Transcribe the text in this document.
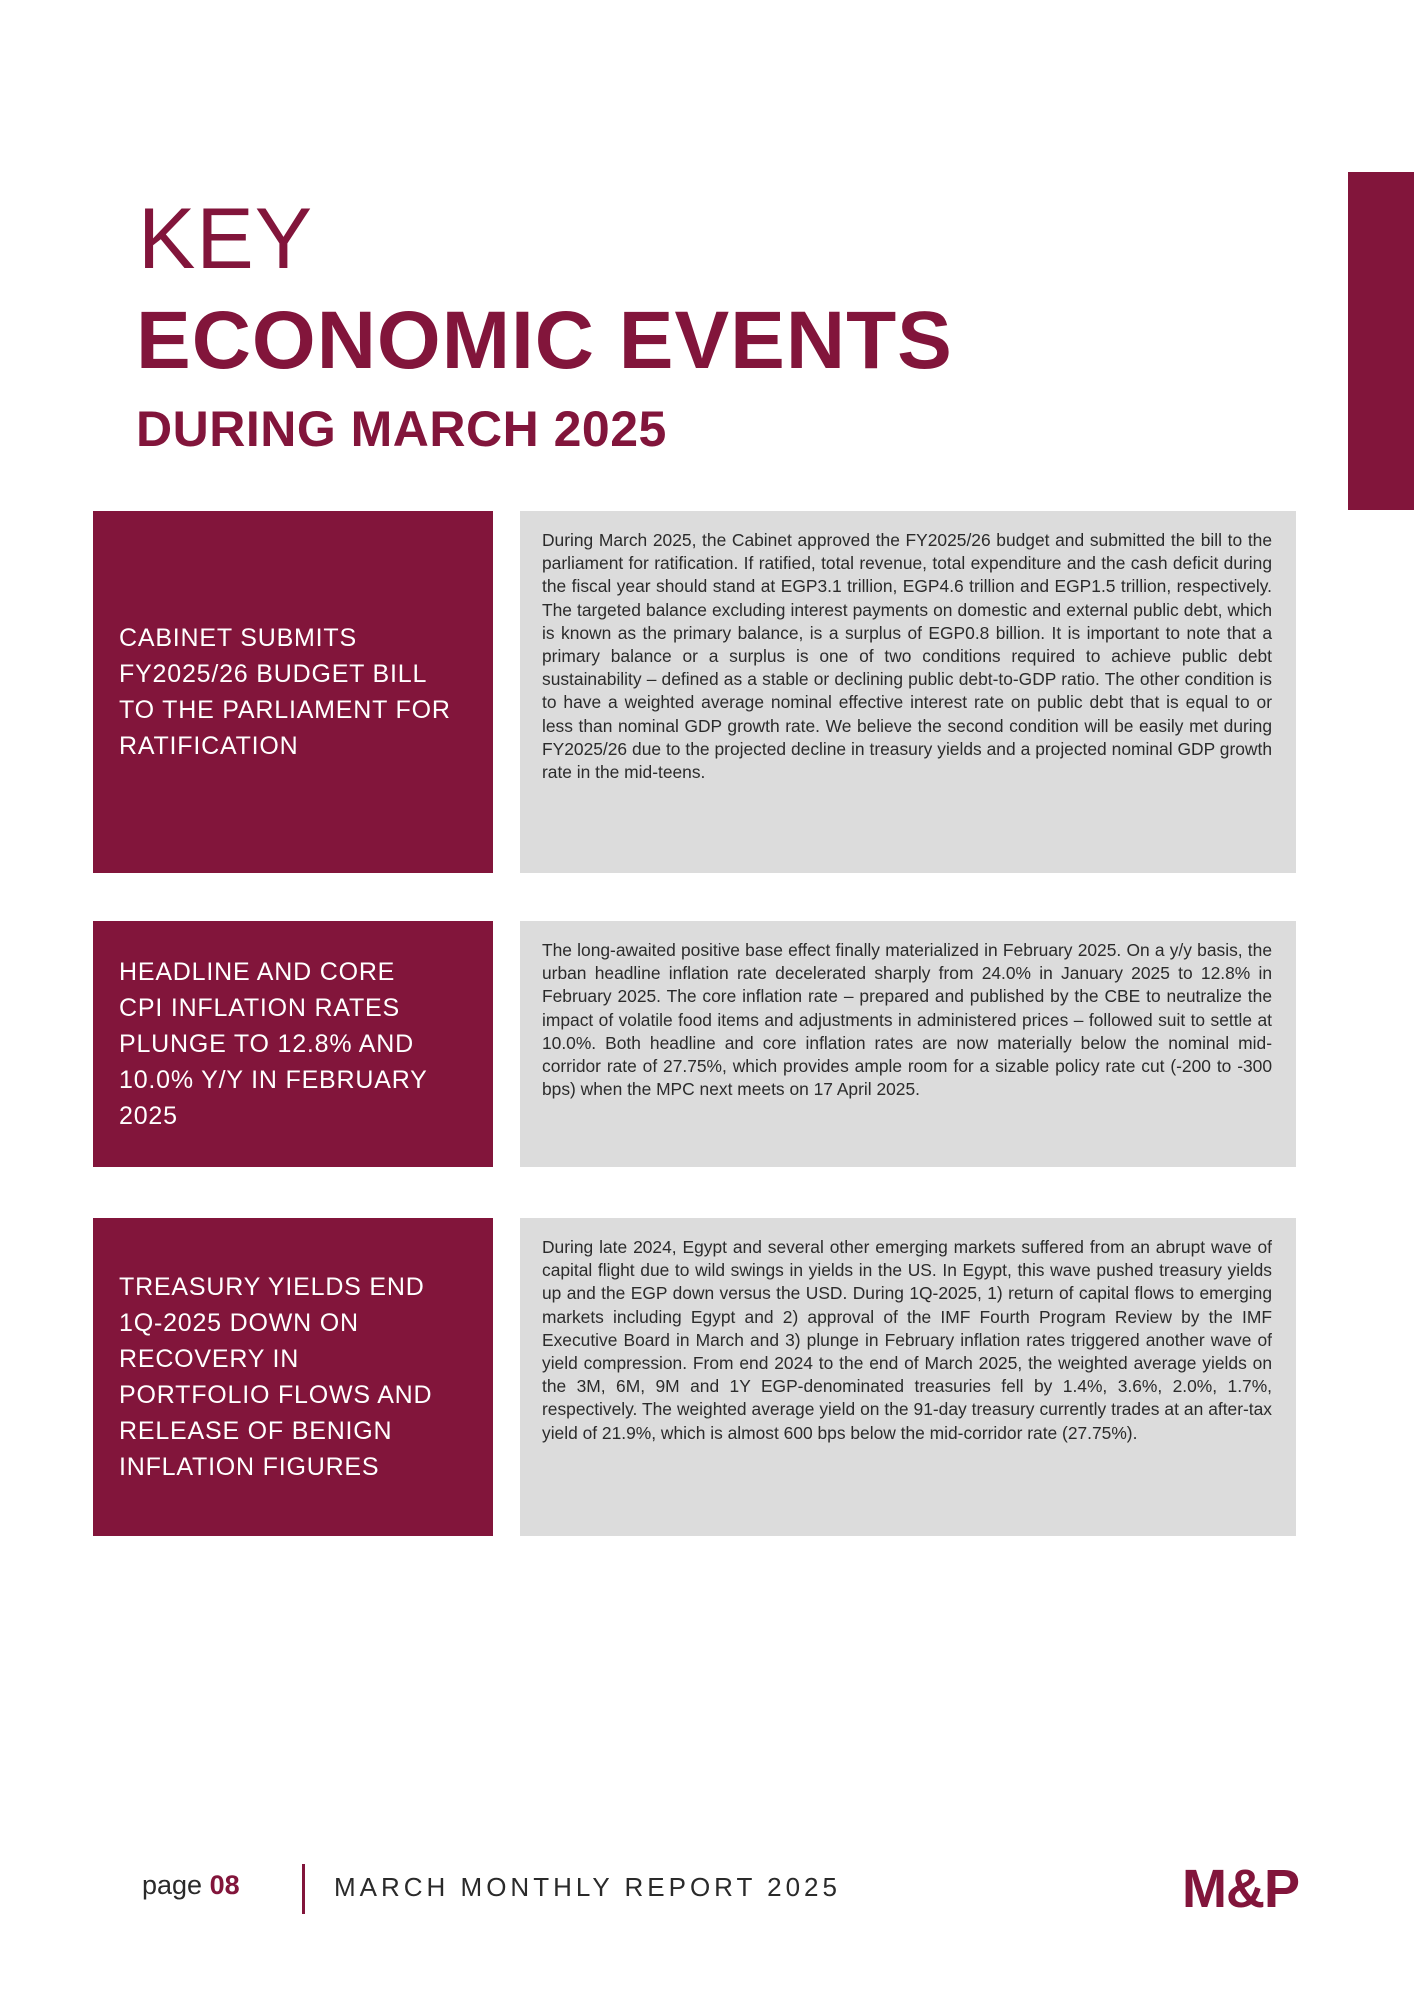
KEY
ECONOMIC EVENTS
DURING MARCH 2025
CABINET SUBMITS
FY2025/26 BUDGET BILL
TO THE PARLIAMENT FOR
RATIFICATION

During March 2025, the Cabinet approved the FY2025/26 budget and submitted the bill to the parliament for ratification. If ratified, total revenue, total expenditure and the cash deficit during the fiscal year should stand at EGP3.1 trillion, EGP4.6 trillion and EGP1.5 trillion, respectively. The targeted balance excluding interest payments on domestic and external public debt, which is known as the primary balance, is a surplus of EGP0.8 billion. It is important to note that a primary balance or a surplus is one of two conditions required to achieve public debt sustainability – defined as a stable or declining public debt-to-GDP ratio. The other condition is to have a weighted average nominal effective interest rate on public debt that is equal to or less than nominal GDP growth rate. We believe the second condition will be easily met during FY2025/26 due to the projected decline in treasury yields and a projected nominal GDP growth rate in the mid-teens.

HEADLINE AND CORE
CPI INFLATION RATES
PLUNGE TO 12.8% AND
10.0% Y/Y IN FEBRUARY
2025

The long-awaited positive base effect finally materialized in February 2025. On a y/y basis, the urban headline inflation rate decelerated sharply from 24.0% in January 2025 to 12.8% in February 2025. The core inflation rate – prepared and published by the CBE to neutralize the impact of volatile food items and adjustments in administered prices – followed suit to settle at 10.0%. Both headline and core inflation rates are now materially below the nominal mid-corridor rate of 27.75%, which provides ample room for a sizable policy rate cut (-200 to -300 bps) when the MPC next meets on 17 April 2025.

TREASURY YIELDS END
1Q-2025 DOWN ON
RECOVERY IN
PORTFOLIO FLOWS AND
RELEASE OF BENIGN
INFLATION FIGURES

During late 2024, Egypt and several other emerging markets suffered from an abrupt wave of capital flight due to wild swings in yields in the US. In Egypt, this wave pushed treasury yields up and the EGP down versus the USD. During 1Q-2025, 1) return of capital flows to emerging markets including Egypt and 2) approval of the IMF Fourth Program Review by the IMF Executive Board in March and 3) plunge in February inflation rates triggered another wave of yield compression. From end 2024 to the end of March 2025, the weighted average yields on the 3M, 6M, 9M and 1Y EGP-denominated treasuries fell by 1.4%, 3.6%, 2.0%, 1.7%, respectively. The weighted average yield on the 91-day treasury currently trades at an after-tax yield of 21.9%, which is almost 600 bps below the mid-corridor rate (27.75%).

page 08	MARCH MONTHLY REPORT 2025	M&P
